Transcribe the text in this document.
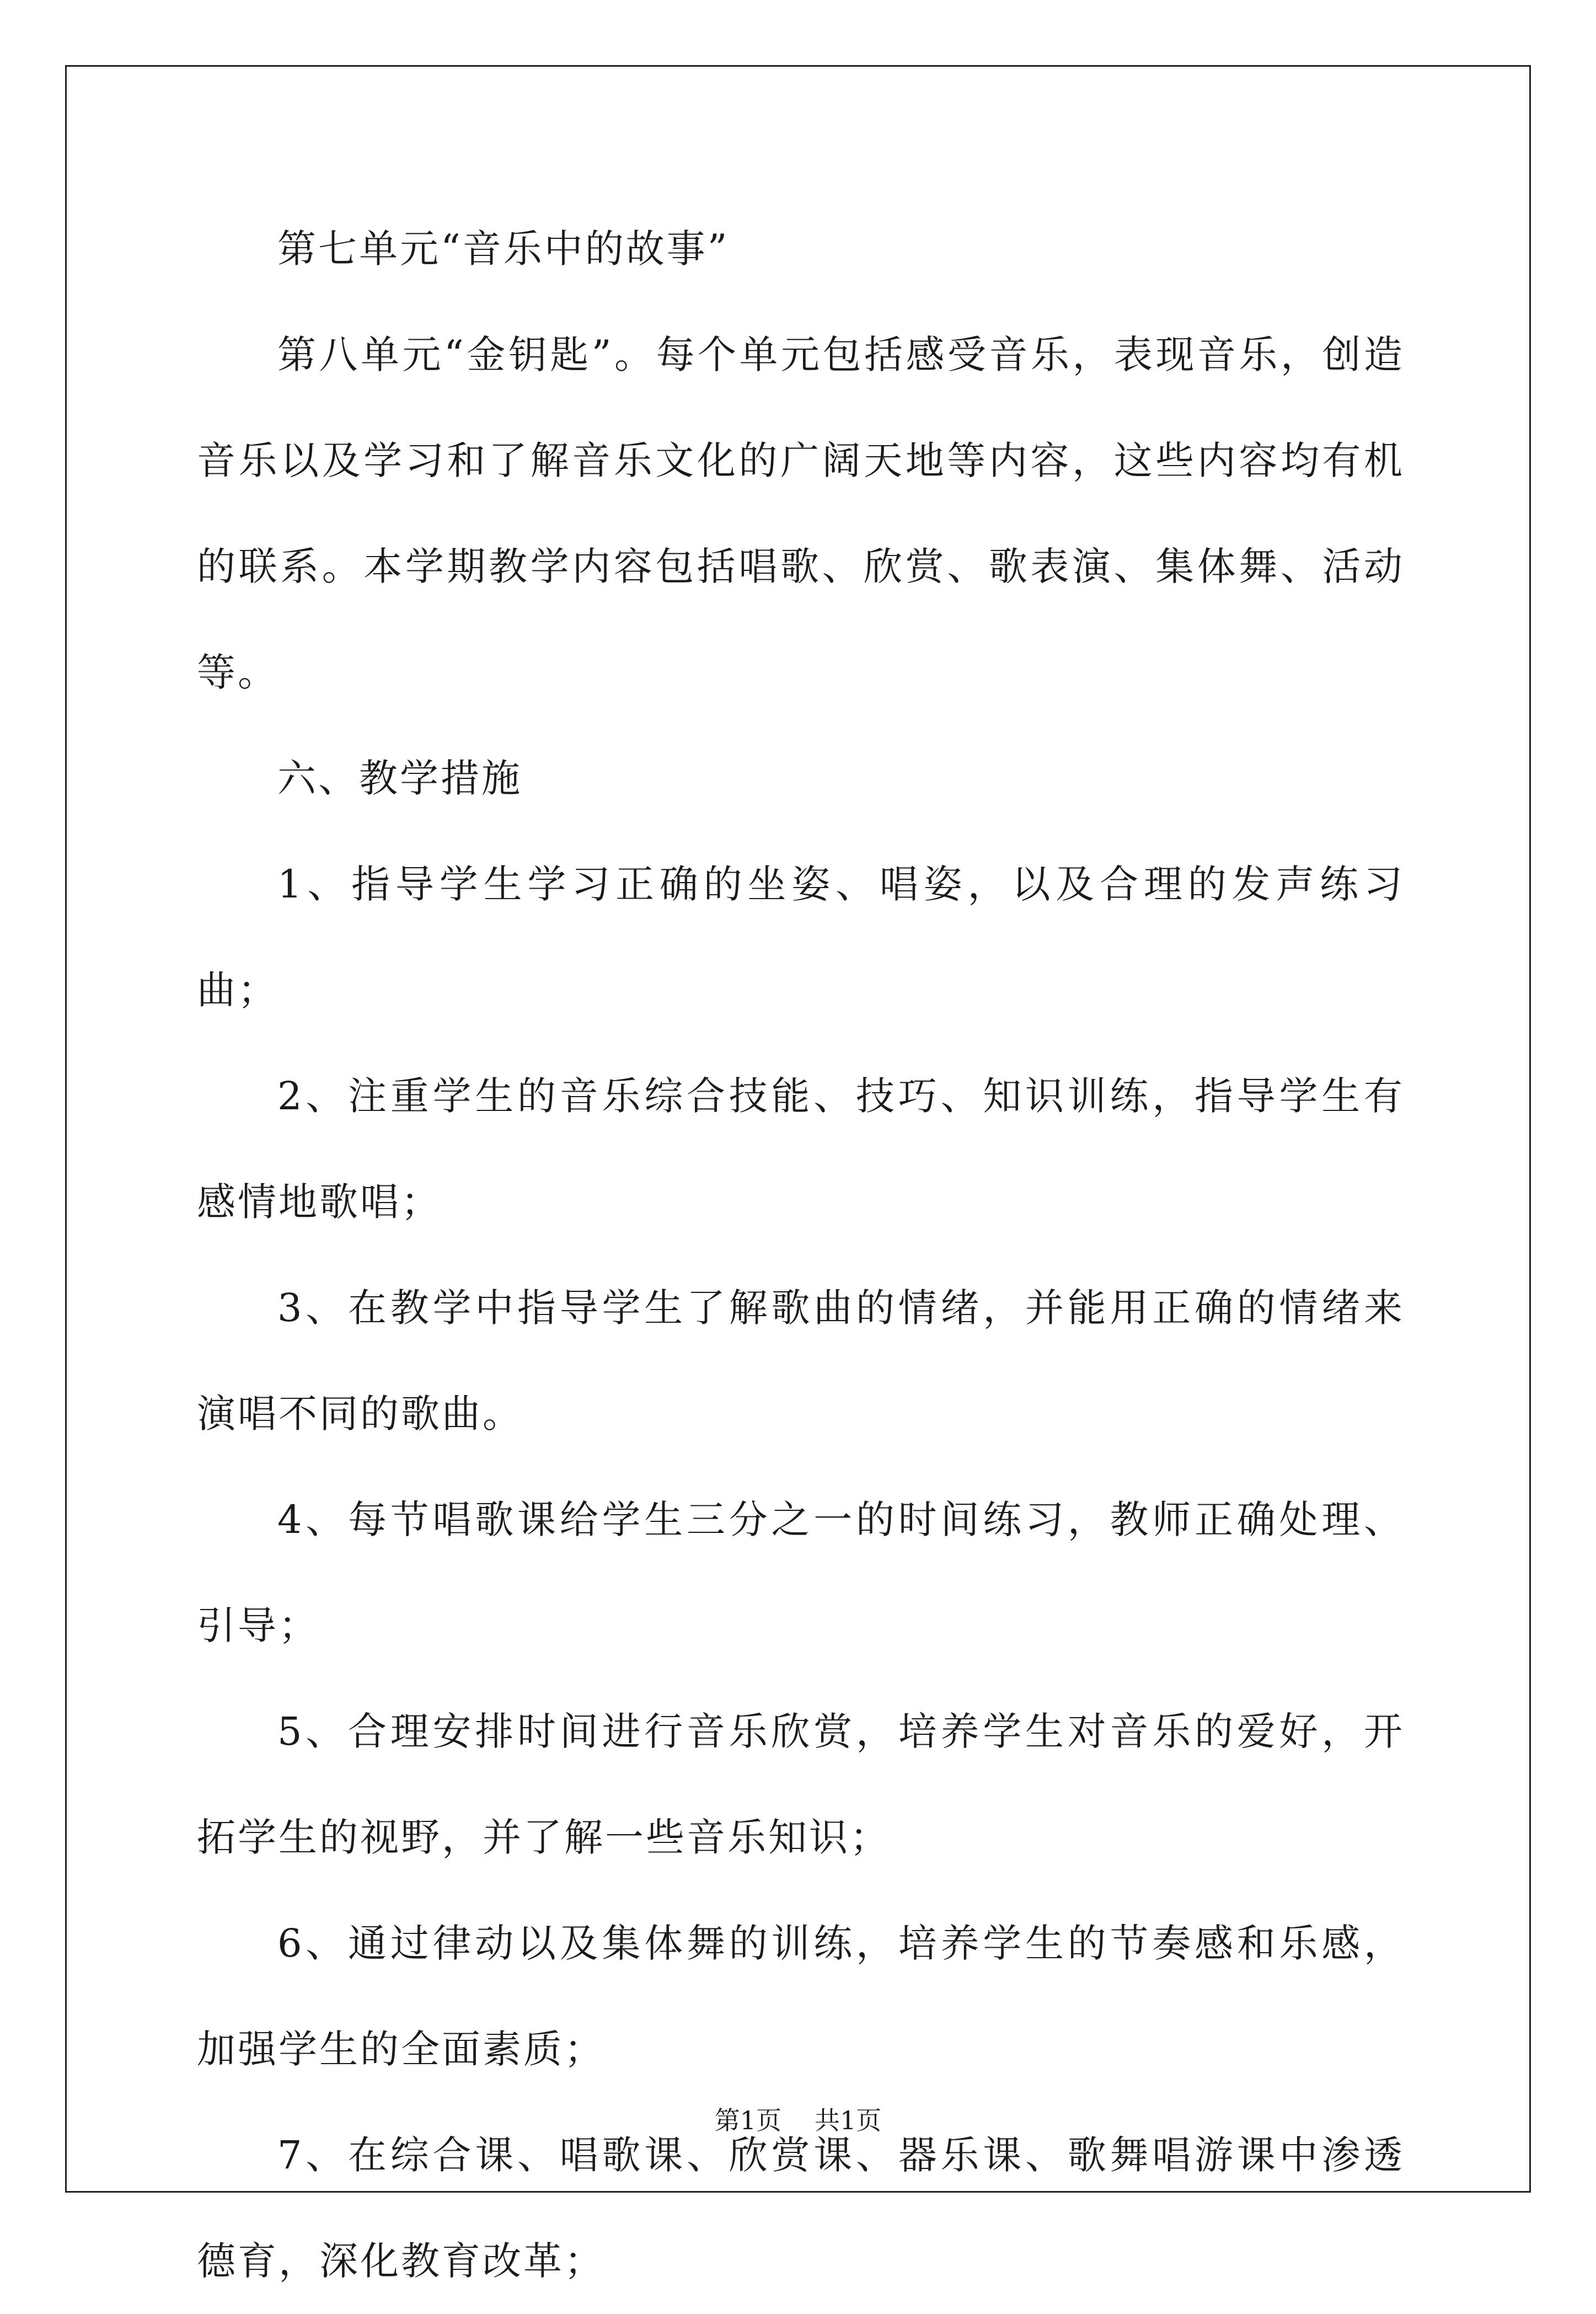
第七单元“音乐中的故事”

第八单元“金钥匙”。每个单元包括感受音乐，表现音乐，创造音乐以及学习和了解音乐文化的广阔天地等内容，这些内容均有机的联系。本学期教学内容包括唱歌、欣赏、歌表演、集体舞、活动等。

六、教学措施

1、指导学生学习正确的坐姿、唱姿，以及合理的发声练习曲；

2、注重学生的音乐综合技能、技巧、知识训练，指导学生有感情地歌唱；

3、在教学中指导学生了解歌曲的情绪，并能用正确的情绪来演唱不同的歌曲。

4、每节唱歌课给学生三分之一的时间练习，教师正确处理、引导；

5、合理安排时间进行音乐欣赏，培养学生对音乐的爱好，开拓学生的视野，并了解一些音乐知识；

6、通过律动以及集体舞的训练，培养学生的节奏感和乐感，加强学生的全面素质；

7、在综合课、唱歌课、欣赏课、器乐课、歌舞唱游课中渗透德育，深化教育改革；

第1页 共1页
